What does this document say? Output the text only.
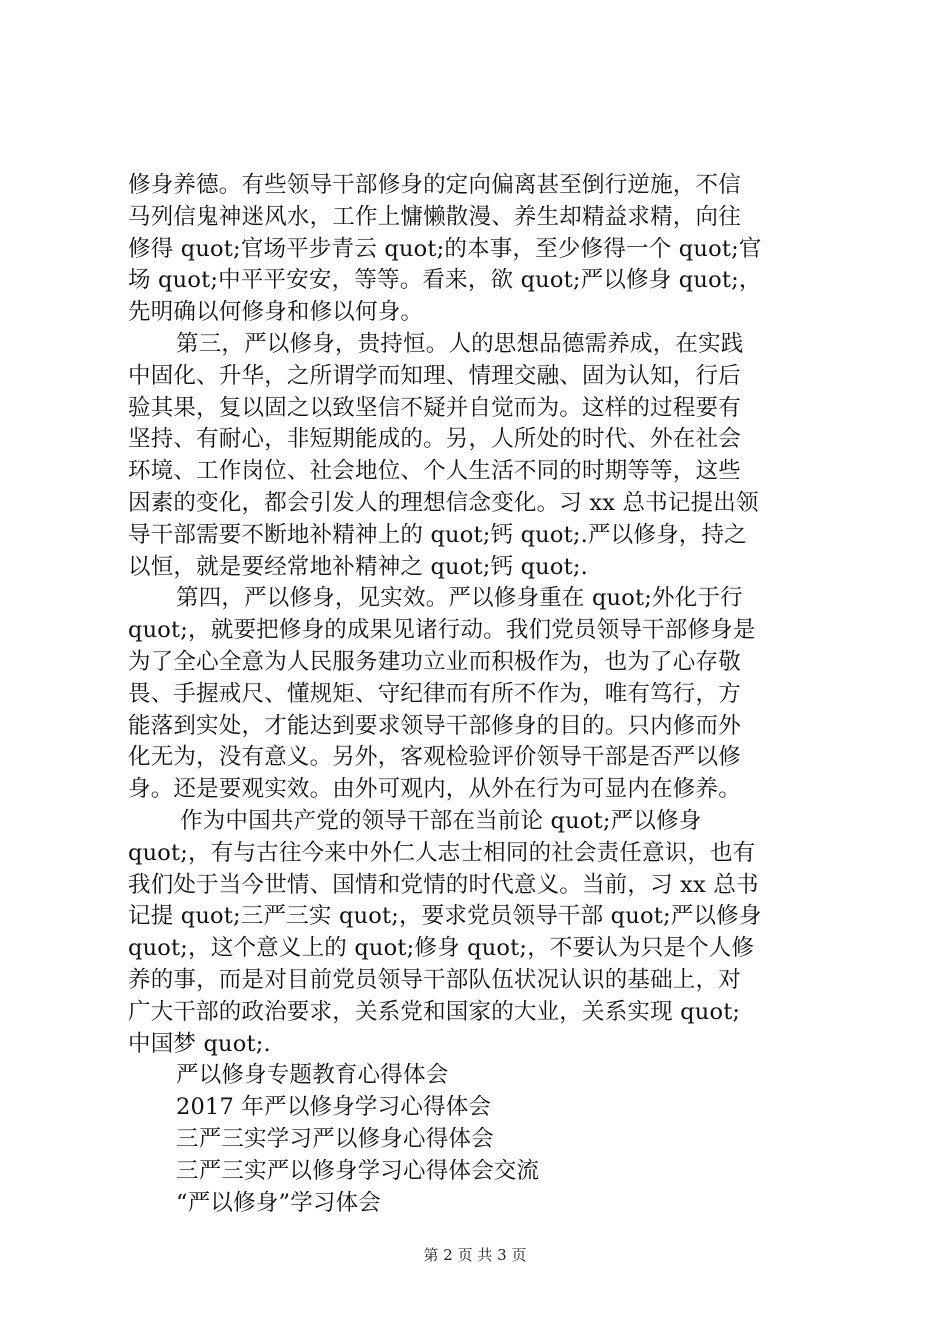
修身养德。有些领导干部修身的定向偏离甚至倒行逆施，不信
马列信鬼神迷风水，工作上慵懒散漫、养生却精益求精，向往
修得 quot;官场平步青云 quot;的本事，至少修得一个 quot;官
场 quot;中平平安安，等等。看来，欲 quot;严以修身 quot;，
先明确以何修身和修以何身。
第三，严以修身，贵持恒。人的思想品德需养成，在实践
中固化、升华，之所谓学而知理、情理交融、固为认知，行后
验其果，复以固之以致坚信不疑并自觉而为。这样的过程要有
坚持、有耐心，非短期能成的。另，人所处的时代、外在社会
环境、工作岗位、社会地位、个人生活不同的时期等等，这些
因素的变化，都会引发人的理想信念变化。习 xx 总书记提出领
导干部需要不断地补精神上的 quot;钙 quot;.严以修身，持之
以恒，就是要经常地补精神之 quot;钙 quot;.
第四，严以修身，见实效。严以修身重在 quot;外化于行
quot;，就要把修身的成果见诸行动。我们党员领导干部修身是
为了全心全意为人民服务建功立业而积极作为，也为了心存敬
畏、手握戒尺、懂规矩、守纪律而有所不作为，唯有笃行，方
能落到实处，才能达到要求领导干部修身的目的。只内修而外
化无为，没有意义。另外，客观检验评价领导干部是否严以修
身。还是要观实效。由外可观内，从外在行为可显内在修养。
作为中国共产党的领导干部在当前论 quot;严以修身
quot;，有与古往今来中外仁人志士相同的社会责任意识，也有
我们处于当今世情、国情和党情的时代意义。当前，习 xx 总书
记提 quot;三严三实 quot;，要求党员领导干部 quot;严以修身
quot;，这个意义上的 quot;修身 quot;，不要认为只是个人修
养的事，而是对目前党员领导干部队伍状况认识的基础上，对
广大干部的政治要求，关系党和国家的大业，关系实现 quot;
中国梦 quot;.
严以修身专题教育心得体会
2017 年严以修身学习心得体会
三严三实学习严以修身心得体会
三严三实严以修身学习心得体会交流
“严以修身”学习体会
第 2 页 共 3 页
